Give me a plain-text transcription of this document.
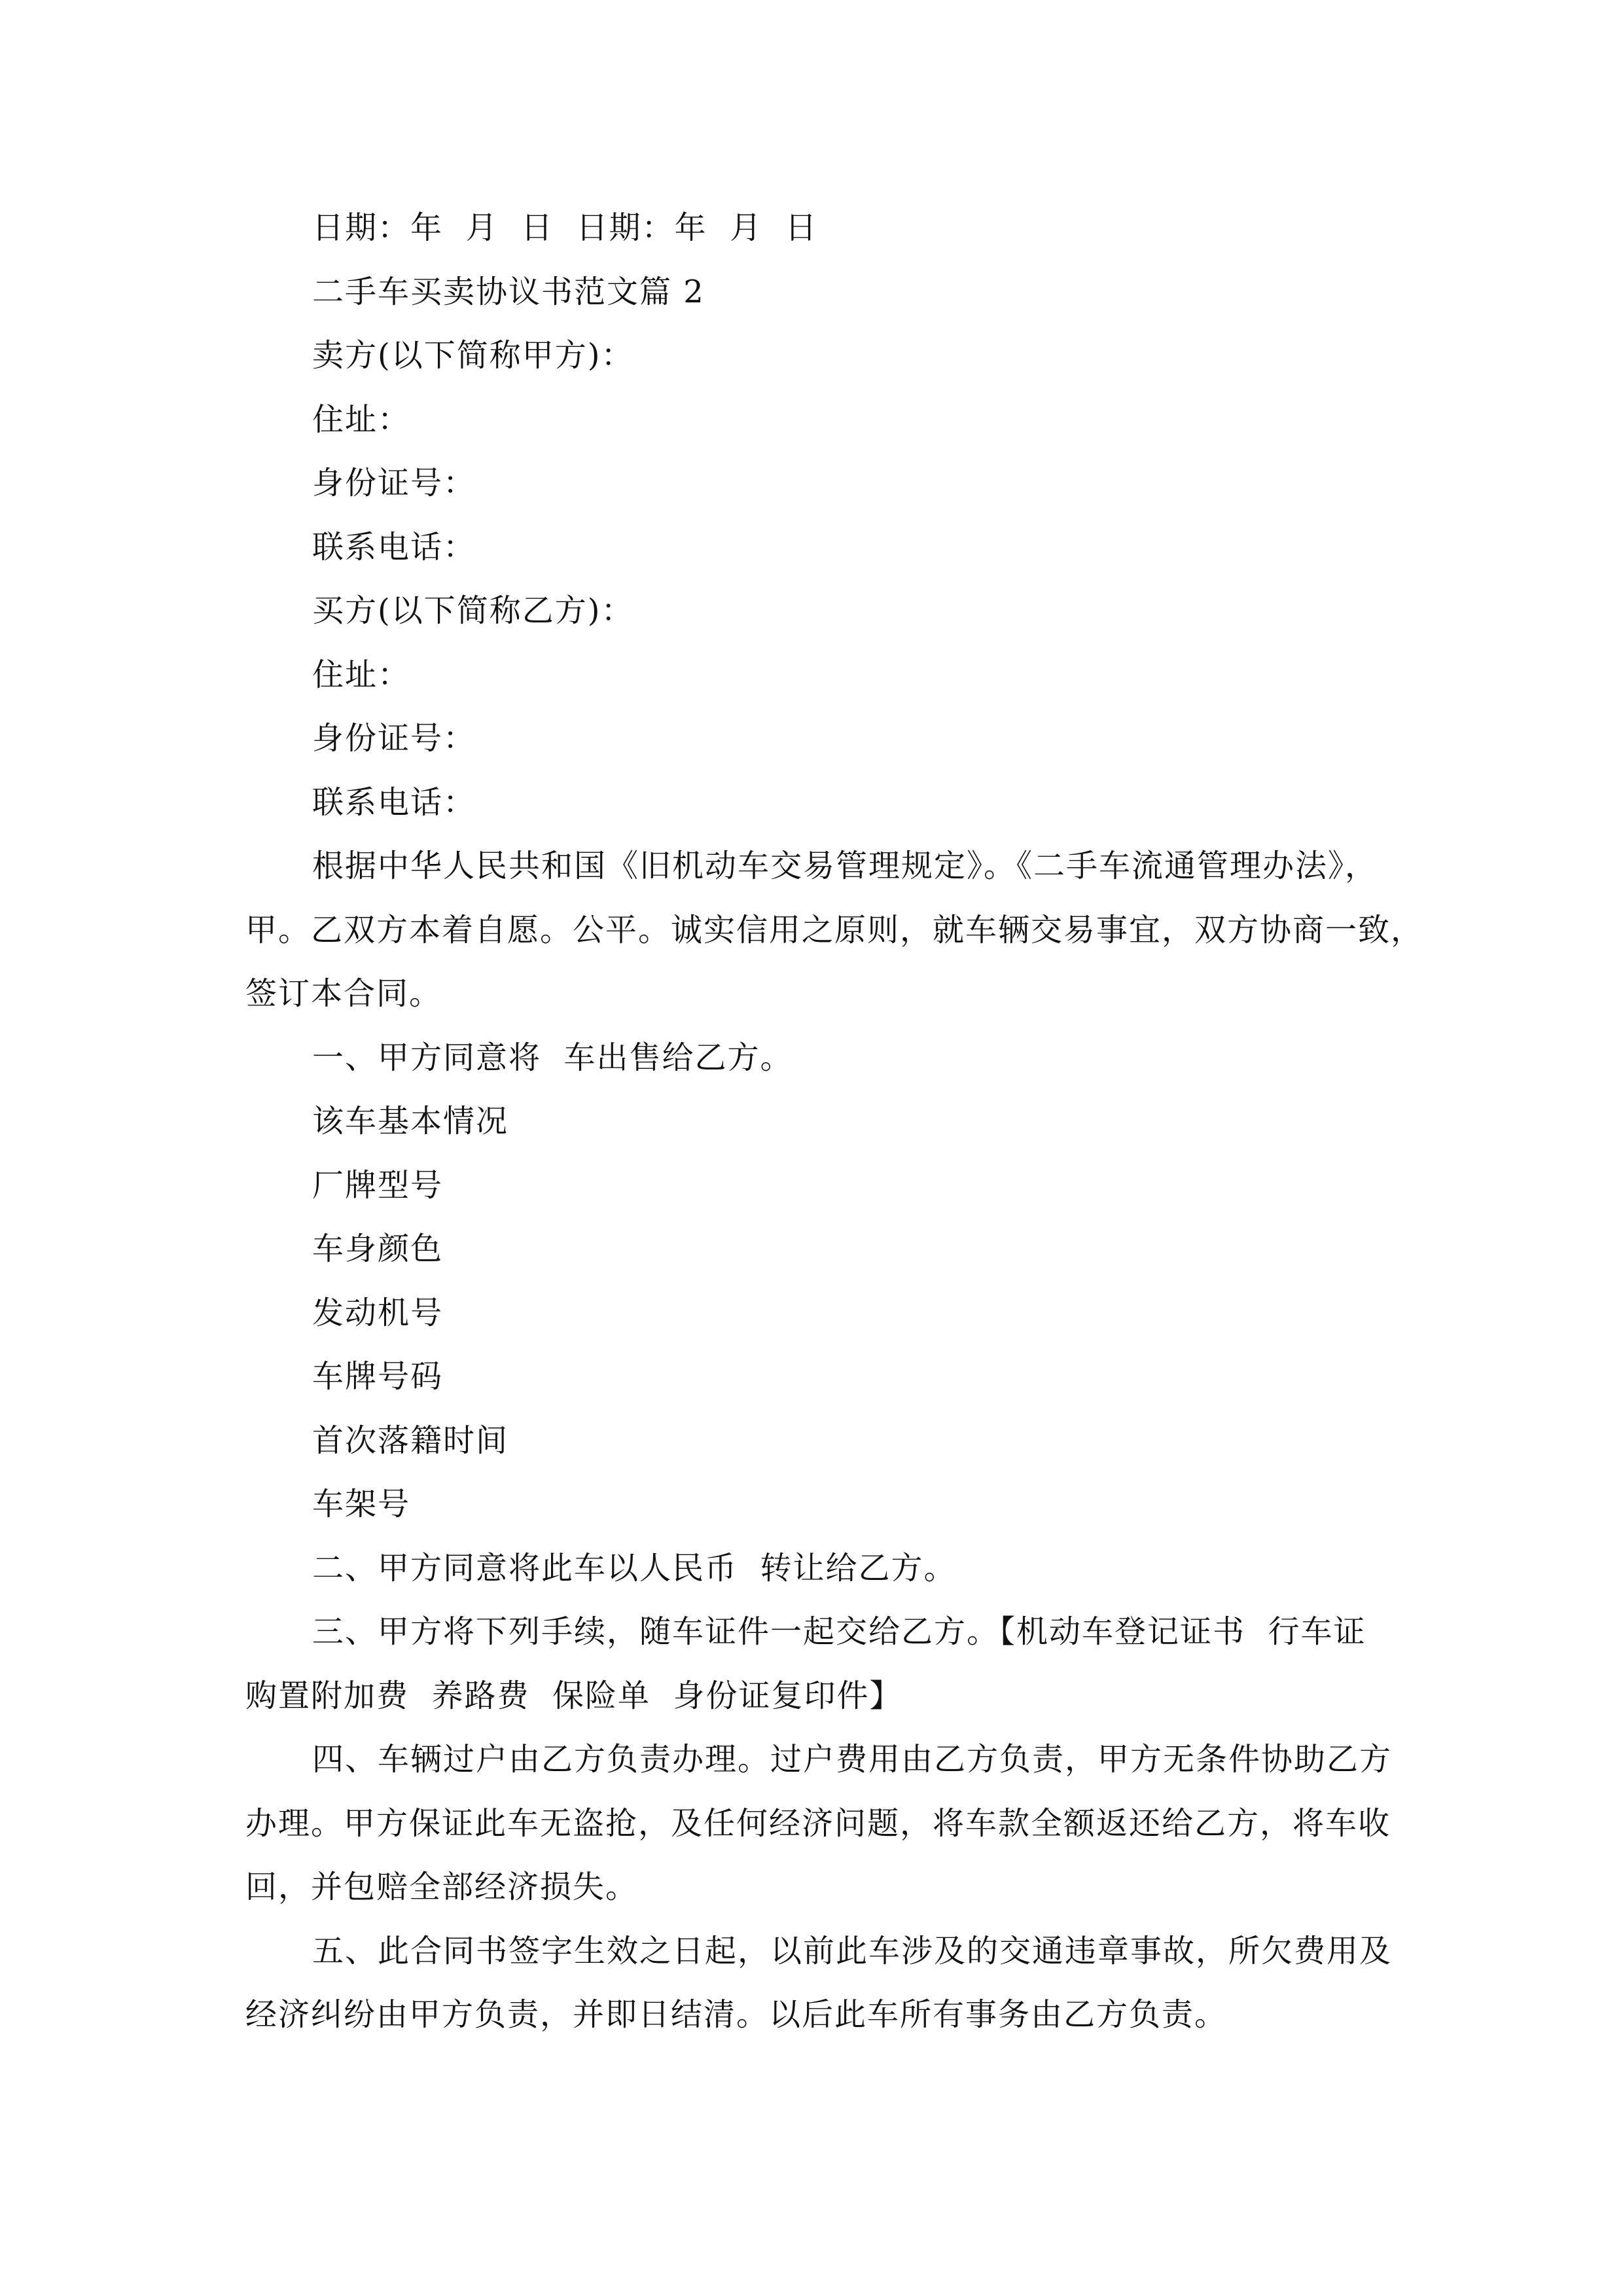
日期：年  月  日  日期：年  月  日
二手车买卖协议书范文篇 2
卖方(以下简称甲方)：
住址：
身份证号：
联系电话：
买方(以下简称乙方)：
住址：
身份证号：
联系电话：
根据中华人民共和国《旧机动车交易管理规定》。《二手车流通管理办法》，
甲。乙双方本着自愿。公平。诚实信用之原则，就车辆交易事宜，双方协商一致，
签订本合同。
一、甲方同意将  车出售给乙方。
该车基本情况
厂牌型号
车身颜色
发动机号
车牌号码
首次落籍时间
车架号
二、甲方同意将此车以人民币  转让给乙方。
三、甲方将下列手续，随车证件一起交给乙方。【机动车登记证书  行车证
购置附加费  养路费  保险单  身份证复印件】
四、车辆过户由乙方负责办理。过户费用由乙方负责，甲方无条件协助乙方
办理。甲方保证此车无盗抢，及任何经济问题，将车款全额返还给乙方，将车收
回，并包赔全部经济损失。
五、此合同书签字生效之日起，以前此车涉及的交通违章事故，所欠费用及
经济纠纷由甲方负责，并即日结清。以后此车所有事务由乙方负责。
